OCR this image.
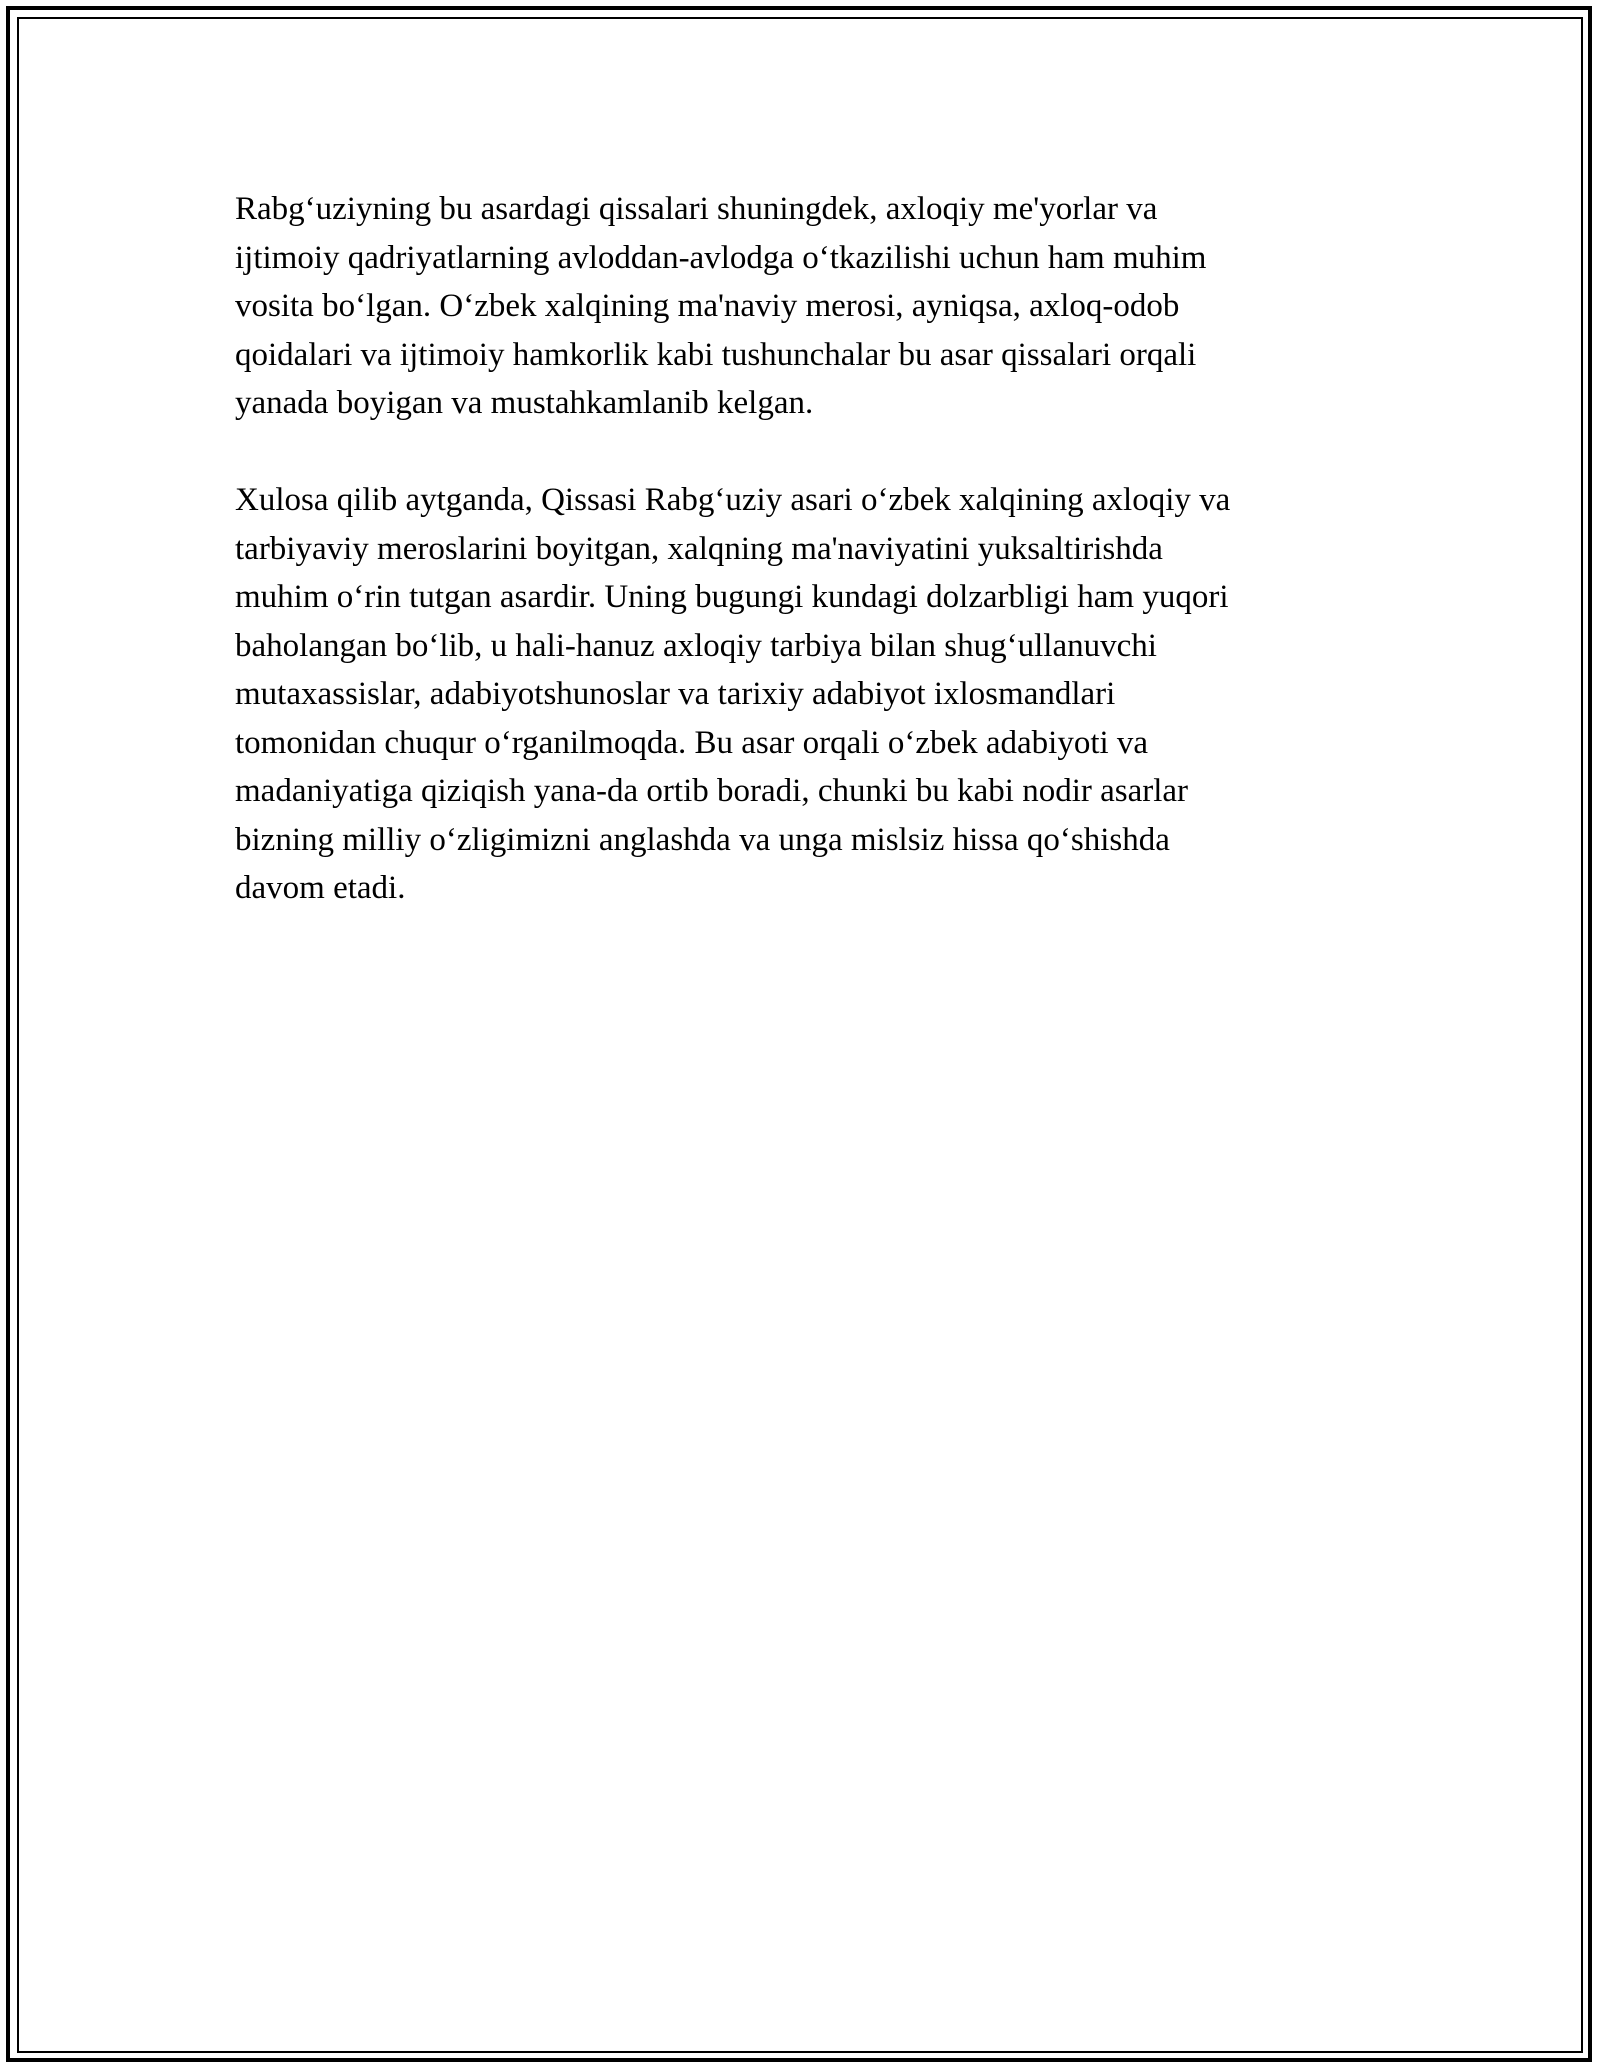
Rabg‘uziyning bu asardagi qissalari shuningdek, axloqiy me'yorlar va
ijtimoiy qadriyatlarning avloddan-avlodga o‘tkazilishi uchun ham muhim
vosita bo‘lgan. O‘zbek xalqining ma'naviy merosi, ayniqsa, axloq-odob
qoidalari va ijtimoiy hamkorlik kabi tushunchalar bu asar qissalari orqali
yanada boyigan va mustahkamlanib kelgan.

Xulosa qilib aytganda, Qissasi Rabg‘uziy asari o‘zbek xalqining axloqiy va
tarbiyaviy meroslarini boyitgan, xalqning ma'naviyatini yuksaltirishda
muhim o‘rin tutgan asardir. Uning bugungi kundagi dolzarbligi ham yuqori
baholangan bo‘lib, u hali-hanuz axloqiy tarbiya bilan shug‘ullanuvchi
mutaxassislar, adabiyotshunoslar va tarixiy adabiyot ixlosmandlari
tomonidan chuqur o‘rganilmoqda. Bu asar orqali o‘zbek adabiyoti va
madaniyatiga qiziqish yana-da ortib boradi, chunki bu kabi nodir asarlar
bizning milliy o‘zligimizni anglashda va unga mislsiz hissa qo‘shishda
davom etadi.
